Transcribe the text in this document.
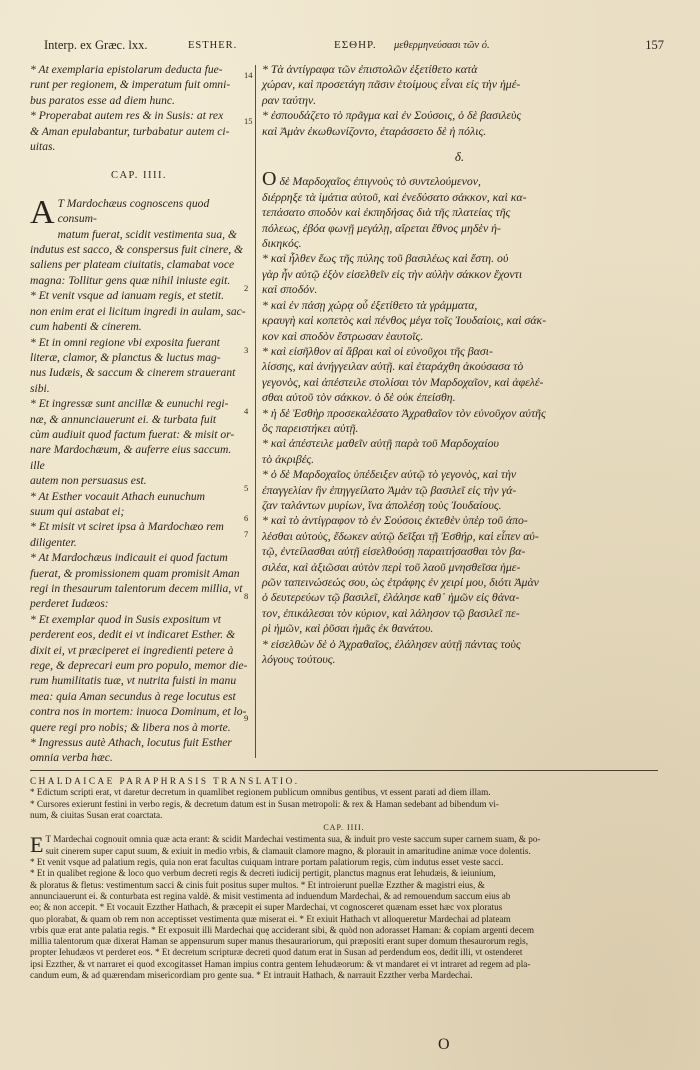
Interp. ex Græc. lxx.	ESTHER.	ΕΣΘΗΡ. μεθερμηνεύσασι τῶν ό.	157

* At exemplaria epistolarum deducta fue-

runt per regionem, & imperatum fuit omni-

bus paratos esse ad diem hunc.

* Properabat autem res & in Susis: at rex

& Aman epulabantur, turbabatur autem ci-

uitas.

CAP. IIII.

A T Mardochæus cognoscens quod consum-

matum fuerat, scidit vestimenta sua, &

indutus est sacco, & conspersus fuit cinere, &

saliens per plateam ciuitatis, clamabat voce

magna: Tollitur gens quæ nihil iniuste egit.

* Et venit vsque ad ianuam regis, et stetit.

non enim erat ei licitum ingredi in aulam, sac-

cum habenti & cinerem.

* Et in omni regione vbi exposita fuerant

literæ, clamor, & planctus & luctus mag-

nus Iudæis, & saccum & cinerem strauerant

sibi.

* Et ingressæ sunt ancillæ & eunuchi regi-

næ, & annunciauerunt ei. & turbata fuit

cùm audiuit quod factum fuerat: & misit or-

nare Mardochæum, & auferre eius saccum. ille

autem non persuasus est.

* At Esther vocauit Athach eunuchum

suum qui astabat ei;

* Et misit vt sciret ipsa à Mardochæo rem

diligenter.

* At Mardochæus indicauit ei quod factum

fuerat, & promissionem quam promisit Aman

regi in thesaurum talentorum decem millia, vt

perderet Iudæos:

* Et exemplar quod in Susis expositum vt

perderent eos, dedit ei vt indicaret Esther. &

dixit ei, vt præciperet ei ingredienti petere à

rege, & deprecari eum pro populo, memor die-

rum humilitatis tuæ, vt nutrita fuisti in manu

mea: quia Aman secundus à rege locutus est

contra nos in mortem: inuoca Dominum, et lo-

quere regi pro nobis; & libera nos à morte.

* Ingressus autè Athach, locutus fuit Esther

omnia verba hæc.

14
15
2
3
4
5
6
7
8
9

* Τὰ ἀντίγραφα τῶν ἐπιστολῶν ἐξετίθετο κατὰ

χώραν, καὶ προσετάγη πᾶσιν ἑτοίμους εἶναι εἰς τὴν ἡμέ-

ραν ταύτην.

* ἐσπουδάζετο τὸ πρᾶγμα καὶ ἐν Σούσοις, ὁ δὲ βασιλεὺς

καὶ Ἀμὰν ἐκωθωνίζοντο, ἐταράσσετο δὲ ἡ πόλις.

δ.

Οδὲ Μαρδοχαῖος ἐπιγνοὺς τὸ συντελούμενον,

διέρρηξε τὰ ἱμάτια αὐτοῦ, καὶ ἐνεδύσατο σάκκον, καὶ κα-

τεπάσατο σποδὸν καὶ ἐκπηδήσας διὰ τῆς πλατείας τῆς

πόλεως, ἐβόα φωνῇ μεγάλῃ, αἴρεται ἔθνος μηδὲν ἠ-

δικηκός.

* καὶ ἦλθεν ἕως τῆς πύλης τοῦ βασιλέως καὶ ἔστη. οὐ

γὰρ ἦν αὐτῷ ἐξὸν εἰσελθεῖν εἰς τὴν αὐλὴν σάκκον ἔχοντι

καὶ σποδόν.

* καὶ ἐν πάσῃ χώρᾳ οὗ ἐξετίθετο τὰ γράμματα,

κραυγὴ καὶ κοπετὸς καὶ πένθος μέγα τοῖς Ἰουδαίοις, καὶ σάκ-

κον καὶ σποδὸν ἔστρωσαν ἑαυτοῖς.

* καὶ εἰσῆλθον αἱ ἅβραι καὶ οἱ εὐνοῦχοι τῆς βασι-

λίσσης, καὶ ἀνήγγειλαν αὐτῇ. καὶ ἐταράχθη ἀκούσασα τὸ

γεγονὸς, καὶ ἀπέστειλε στολίσαι τὸν Μαρδοχαῖον, καὶ ἀφελέ-

σθαι αὐτοῦ τὸν σάκκον. ὁ δὲ οὐκ ἐπείσθη.

* ἡ δὲ Ἐσθὴρ προσεκαλέσατο Ἀχραθαῖον τὸν εὐνοῦχον αὐτῆς

ὃς παρειστήκει αὐτῇ.

* καὶ ἀπέστειλε μαθεῖν αὐτῇ παρὰ τοῦ Μαρδοχαίου

τὸ ἀκριβές.

* ὁ δὲ Μαρδοχαῖος ὑπέδειξεν αὐτῷ τὸ γεγονὸς, καὶ τὴν

ἐπαγγελίαν ἣν ἐπηγγείλατο Ἀμὰν τῷ βασιλεῖ εἰς τὴν γά-

ζαν ταλάντων μυρίων, ἵνα ἀπολέσῃ τοὺς Ἰουδαίους.

* καὶ τὸ ἀντίγραφον τὸ ἐν Σούσοις ἐκτεθὲν ὑπὲρ τοῦ ἀπο-

λέσθαι αὐτοὺς, ἔδωκεν αὐτῷ δεῖξαι τῇ Ἐσθήρ, καὶ εἶπεν αὐ-

τῷ, ἐντείλασθαι αὐτῇ εἰσελθούσῃ παραιτήσασθαι τὸν βα-

σιλέα, καὶ ἀξιῶσαι αὐτὸν περὶ τοῦ λαοῦ μνησθεῖσα ἡμε-

ρῶν ταπεινώσεώς σου, ὡς ἐτράφης ἐν χειρί μου, διότι Ἀμὰν

ὁ δευτερεύων τῷ βασιλεῖ, ἐλάλησε καθ᾽ ἡμῶν εἰς θάνα-

τον, ἐπικάλεσαι τὸν κύριον, καὶ λάλησον τῷ βασιλεῖ πε-

ρὶ ἡμῶν, καὶ ῥῦσαι ἡμᾶς ἐκ θανάτου.

* εἰσελθὼν δὲ ὁ Ἀχραθαῖος, ἐλάλησεν αὐτῇ πάντας τοὺς

λόγους τούτους.

CHALDAICAE PARAPHRASIS TRANSLATIO.

* Edictum scripti erat, vt daretur decretum in quamlibet regionem publicum omnibus gentibus, vt essent parati ad diem illam.

* Cursores exierunt festini in verbo regis, & decretum datum est in Susan metropoli: & rex & Haman sedebant ad bibendum vi-

num, & ciuitas Susan erat coarctata.

CAP. IIII.

E T Mardechai cognouit omnia quæ acta erant: & scidit Mardechai vestimenta sua, & induit pro veste saccum super carnem suam, & po-

suit cinerem super caput suum, & exiuit in medio vrbis, & clamauit clamore magno, & plorauit in amaritudine animæ voce dolentis.

* Et venit vsque ad palatium regis, quia non erat facultas cuiquam intrare portam palatiorum regis, cùm indutus esset veste sacci.

* Et in qualibet regione & loco quo verbum decreti regis & decreti iudicij pertigit, planctus magnus erat Iehudæis, & ieiunium,

& ploratus & fletus: vestimentum sacci & cinis fuit positus super multos. * Et introierunt puellæ Ezzther & magistri eius, &

annunciauerunt ei. & conturbata est regina valdè. & misit vestimenta ad induendum Mardechai, & ad remouendum saccum eius ab

eo; & non accepit. * Et vocauit Ezzther Hathach, & præcepit ei super Mardechai, vt cognosceret quænam esset hæc vox ploratus

quo plorabat, & quam ob rem non acceptisset vestimenta quæ miserat ei. * Et exiuit Hathach vt alloqueretur Mardechai ad plateam

vrbis quæ erat ante palatia regis. * Et exposuit illi Mardechai quę acciderant sibi, & quòd non adorasset Haman: & copiam argenti decem

millia talentorum quæ dixerat Haman se appensurum super manus thesaurariorum, qui præpositi erant super domum thesaurorum regis,

propter Iehudæos vt perderet eos. * Et decretum scripturæ decreti quod datum erat in Susan ad perdendum eos, dedit illi, vt ostenderet

ipsi Ezzther, & vt narraret ei quod excogitasset Haman impius contra gentem Iehudæorum: & vt mandaret ei vt intraret ad regem ad pla-

candum eum, & ad quærendam misericordiam pro gente sua. * Et intrauit Hathach, & narrauit Ezzther verba Mardechai.

O
